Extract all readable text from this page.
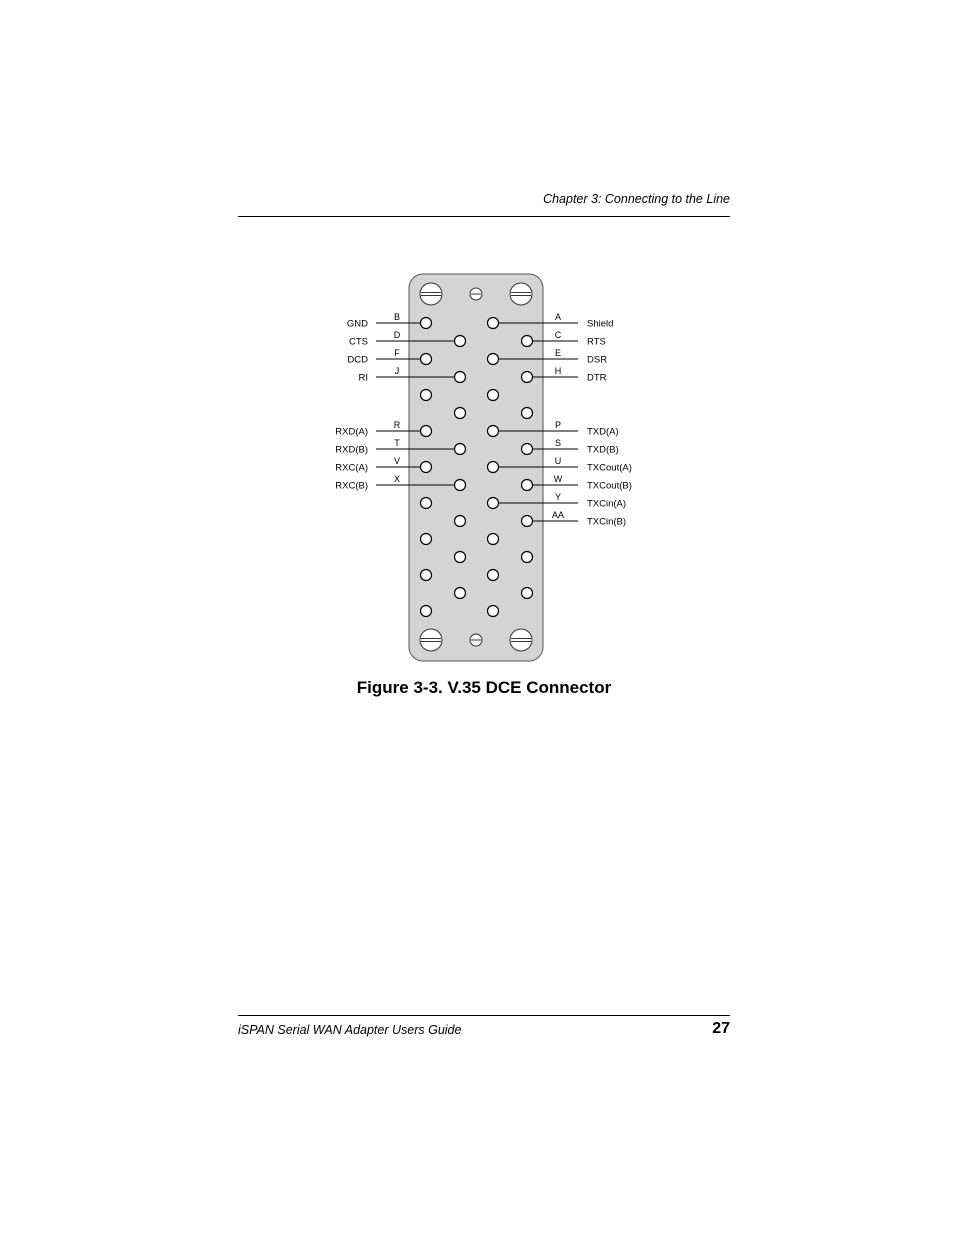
Chapter 3: Connecting to the Line
GND
B
CTS
D
DCD
F
RI
J
RXD(A)
R
RXD(B)
T
RXC(A)
V
RXC(B)
X
Shield
A
RTS
C
DSR
E
DTR
H
TXD(A)
P
TXD(B)
S
TXCout(A)
U
TXCout(B)
W
TXCin(A)
Y
TXCin(B)
AA
Figure 3-3. V.35 DCE Connector
iSPAN Serial WAN Adapter Users Guide	27
